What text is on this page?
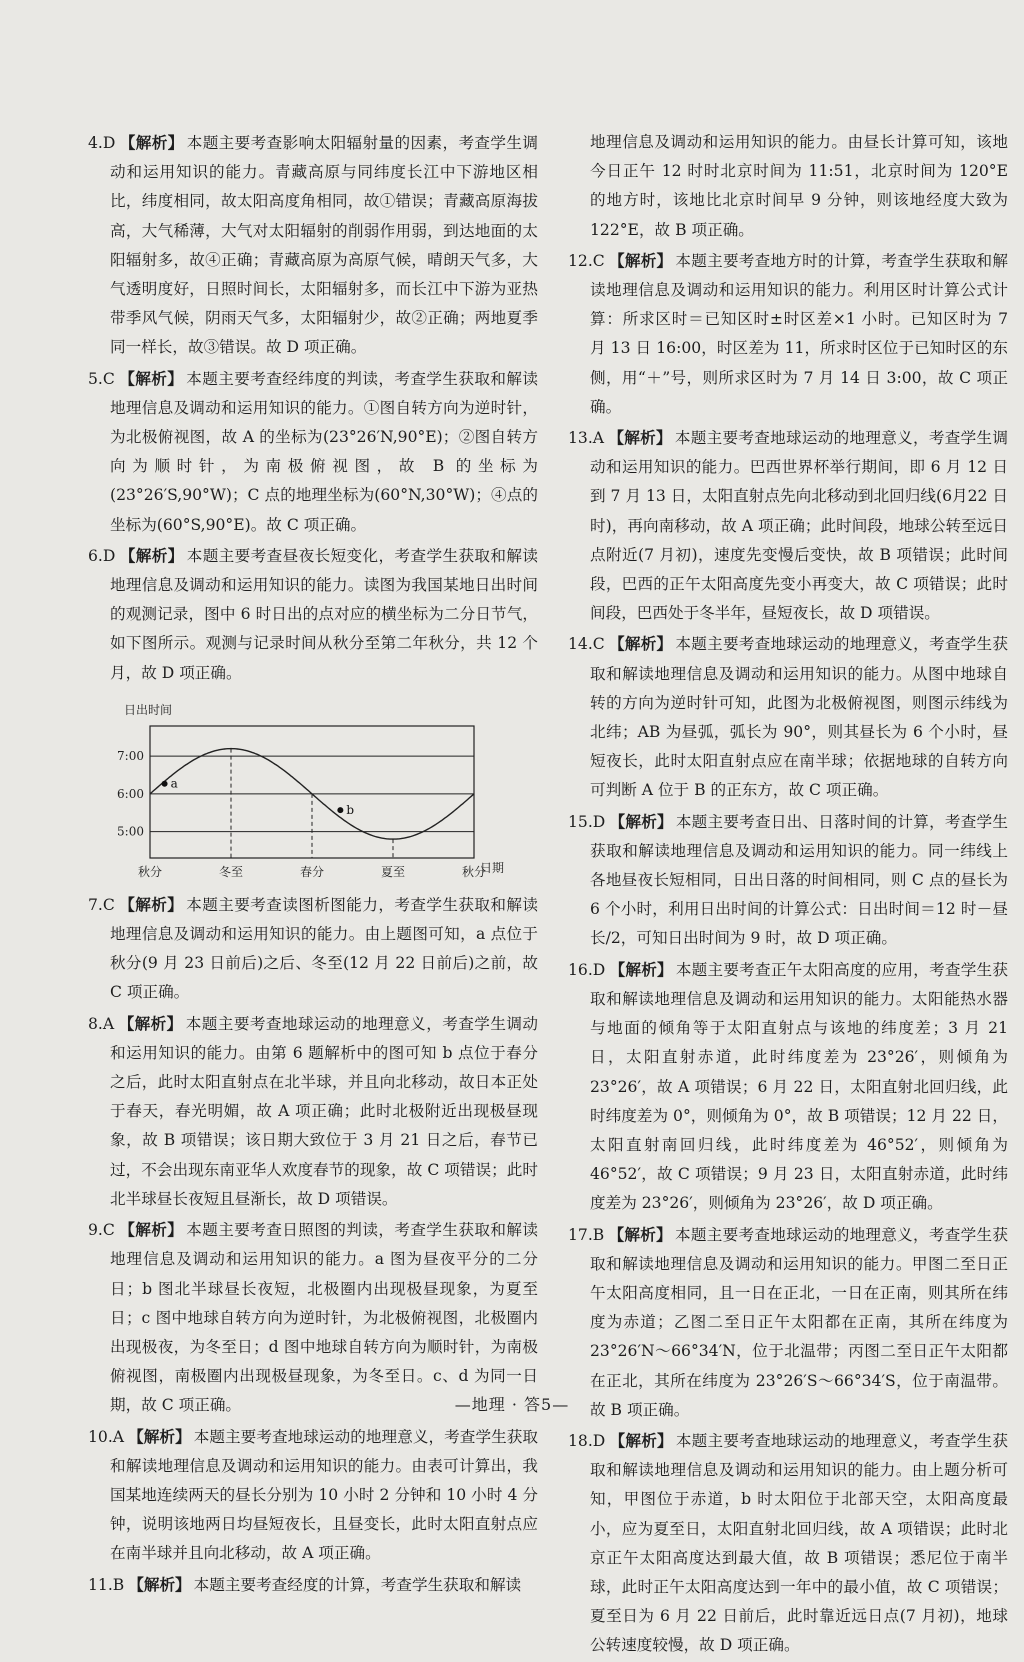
4.D 【解析】 本题主要考查影响太阳辐射量的因素，考查学生调动和运用知识的能力。青藏高原与同纬度长江中下游地区相比，纬度相同，故太阳高度角相同，故①错误；青藏高原海拔高，大气稀薄，大气对太阳辐射的削弱作用弱，到达地面的太阳辐射多，故④正确；青藏高原为高原气候，晴朗天气多，大气透明度好，日照时间长，太阳辐射多，而长江中下游为亚热带季风气候，阴雨天气多，太阳辐射少，故②正确；两地夏季同一样长，故③错误。故 D 项正确。

5.C 【解析】 本题主要考查经纬度的判读，考查学生获取和解读地理信息及调动和运用知识的能力。①图自转方向为逆时针，为北极俯视图，故 A 的坐标为(23°26′N,90°E)；②图自转方向为顺时针，为南极俯视图，故 B 的坐标为(23°26′S,90°W)；C 点的地理坐标为(60°N,30°W)；④点的坐标为(60°S,90°E)。故 C 项正确。

6.D 【解析】 本题主要考查昼夜长短变化，考查学生获取和解读地理信息及调动和运用知识的能力。读图为我国某地日出时间的观测记录，图中 6 时日出的点对应的横坐标为二分日节气，如下图所示。观测与记录时间从秋分至第二年秋分，共 12 个月，故 D 项正确。

日出时间
7:00
6:00
5:00
a
b
秋分	冬至	春分	夏至	秋分
日期

7.C 【解析】 本题主要考查读图析图能力，考查学生获取和解读地理信息及调动和运用知识的能力。由上题图可知，a 点位于秋分(9 月 23 日前后)之后、冬至(12 月 22 日前后)之前，故C 项正确。

8.A 【解析】 本题主要考查地球运动的地理意义，考查学生调动和运用知识的能力。由第 6 题解析中的图可知 b 点位于春分之后，此时太阳直射点在北半球，并且向北移动，故日本正处于春天，春光明媚，故 A 项正确；此时北极附近出现极昼现象，故 B 项错误；该日期大致位于 3 月 21 日之后，春节已过，不会出现东南亚华人欢度春节的现象，故 C 项错误；此时北半球昼长夜短且昼渐长，故 D 项错误。

9.C 【解析】 本题主要考查日照图的判读，考查学生获取和解读地理信息及调动和运用知识的能力。a 图为昼夜平分的二分日；b 图北半球昼长夜短，北极圈内出现极昼现象，为夏至日；c 图中地球自转方向为逆时针，为北极俯视图，北极圈内出现极夜，为冬至日；d 图中地球自转方向为顺时针，为南极俯视图，南极圈内出现极昼现象，为冬至日。c、d 为同一日期，故 C 项正确。

10.A 【解析】 本题主要考查地球运动的地理意义，考查学生获取和解读地理信息及调动和运用知识的能力。由表可计算出，我国某地连续两天的昼长分别为 10 小时 2 分钟和 10 小时 4 分钟，说明该地两日均昼短夜长，且昼变长，此时太阳直射点应在南半球并且向北移动，故 A 项正确。

11.B 【解析】 本题主要考查经度的计算，考查学生获取和解读

地理信息及调动和运用知识的能力。由昼长计算可知，该地今日正午 12 时时北京时间为 11:51，北京时间为 120°E 的地方时，该地比北京时间早 9 分钟，则该地经度大致为 122°E，故 B 项正确。

12.C 【解析】 本题主要考查地方时的计算，考查学生获取和解读地理信息及调动和运用知识的能力。利用区时计算公式计算：所求区时＝已知区时±时区差×1 小时。已知区时为 7 月 13 日 16:00，时区差为 11，所求时区位于已知时区的东侧，用“＋”号，则所求区时为 7 月 14 日 3:00，故 C 项正确。

13.A 【解析】 本题主要考查地球运动的地理意义，考查学生调动和运用知识的能力。巴西世界杯举行期间，即 6 月 12 日到 7 月 13 日，太阳直射点先向北移动到北回归线(6月22 日时)，再向南移动，故 A 项正确；此时间段，地球公转至远日点附近(7 月初)，速度先变慢后变快，故 B 项错误；此时间段，巴西的正午太阳高度先变小再变大，故 C 项错误；此时间段，巴西处于冬半年，昼短夜长，故 D 项错误。

14.C 【解析】 本题主要考查地球运动的地理意义，考查学生获取和解读地理信息及调动和运用知识的能力。从图中地球自转的方向为逆时针可知，此图为北极俯视图，则图示纬线为北纬；AB 为昼弧，弧长为 90°，则其昼长为 6 个小时，昼短夜长，此时太阳直射点应在南半球；依据地球的自转方向可判断 A 位于 B 的正东方，故 C 项正确。

15.D 【解析】 本题主要考查日出、日落时间的计算，考查学生获取和解读地理信息及调动和运用知识的能力。同一纬线上各地昼夜长短相同，日出日落的时间相同，则 C 点的昼长为 6 个小时，利用日出时间的计算公式：日出时间＝12 时－昼长/2，可知日出时间为 9 时，故 D 项正确。

16.D 【解析】 本题主要考查正午太阳高度的应用，考查学生获取和解读地理信息及调动和运用知识的能力。太阳能热水器与地面的倾角等于太阳直射点与该地的纬度差；3 月 21 日，太阳直射赤道，此时纬度差为 23°26′，则倾角为 23°26′，故 A 项错误；6 月 22 日，太阳直射北回归线，此时纬度差为 0°，则倾角为 0°，故 B 项错误；12 月 22 日，太阳直射南回归线，此时纬度差为 46°52′，则倾角为 46°52′，故 C 项错误；9 月 23 日，太阳直射赤道，此时纬度差为 23°26′，则倾角为 23°26′，故 D 项正确。

17.B 【解析】 本题主要考查地球运动的地理意义，考查学生获取和解读地理信息及调动和运用知识的能力。甲图二至日正午太阳高度相同，且一日在正北，一日在正南，则其所在纬度为赤道；乙图二至日正午太阳都在正南，其所在纬度为 23°26′N～66°34′N，位于北温带；丙图二至日正午太阳都在正北，其所在纬度为 23°26′S～66°34′S，位于南温带。故 B 项正确。

18.D 【解析】 本题主要考查地球运动的地理意义，考查学生获取和解读地理信息及调动和运用知识的能力。由上题分析可知，甲图位于赤道，b 时太阳位于北部天空，太阳高度最小，应为夏至日，太阳直射北回归线，故 A 项错误；此时北京正午太阳高度达到最大值，故 B 项错误；悉尼位于南半球，此时正午太阳高度达到一年中的最小值，故 C 项错误；夏至日为 6 月 22 日前后，此时靠近远日点(7 月初)，地球公转速度较慢，故 D 项正确。

—地理 · 答5—
